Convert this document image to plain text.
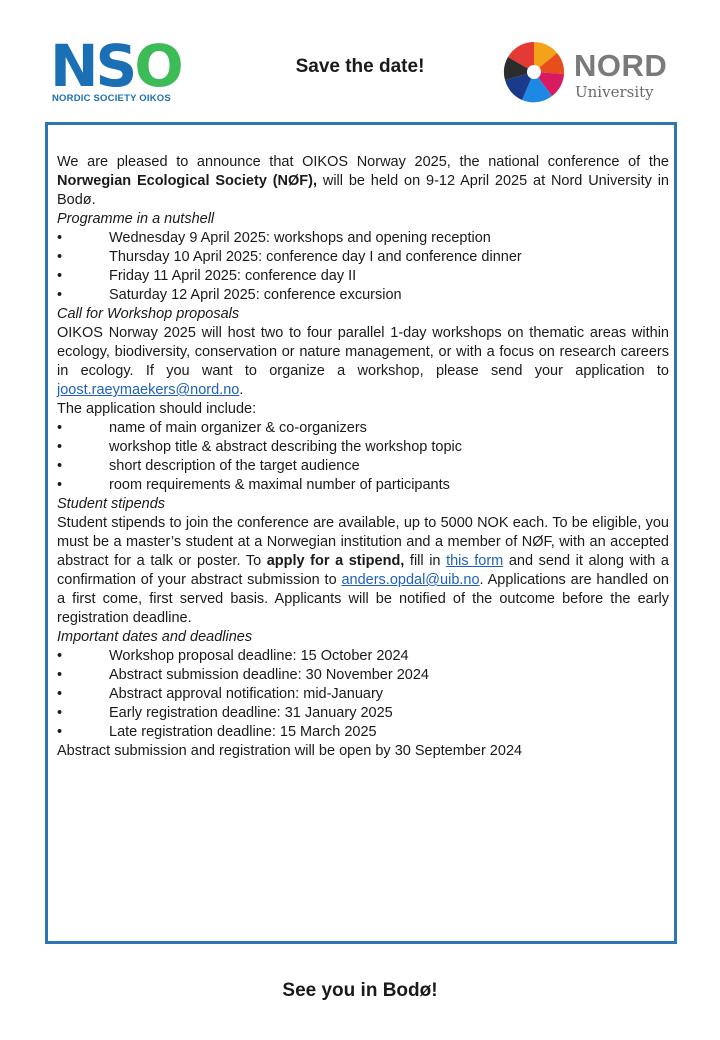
NSO
NORDIC SOCIETY OIKOS
Save the date!	NORD
University

We are pleased to announce that OIKOS Norway 2025, the national conference of the Norwegian Ecological Society (NØF), will be held on 9-12 April 2025 at Nord University in Bodø.

Programme in a nutshell

•	Wednesday 9 April 2025: workshops and opening reception
•	Thursday 10 April 2025: conference day I and conference dinner
•	Friday 11 April 2025: conference day II
•	Saturday 12 April 2025: conference excursion

Call for Workshop proposals

OIKOS Norway 2025 will host two to four parallel 1-day workshops on thematic areas within ecology, biodiversity, conservation or nature management, or with a focus on research careers in ecology. If you want to organize a workshop, please send your application to joost.raeymaekers@nord.no.

The application should include:

•	name of main organizer & co-organizers
•	workshop title & abstract describing the workshop topic
•	short description of the target audience
•	room requirements & maximal number of participants

Student stipends

Student stipends to join the conference are available, up to 5000 NOK each. To be eligible, you must be a master’s student at a Norwegian institution and a member of NØF, with an accepted abstract for a talk or poster. To apply for a stipend, fill in this form and send it along with a confirmation of your abstract submission to anders.opdal@uib.no. Applications are handled on a first come, first served basis. Applicants will be notified of the outcome before the early registration deadline.

Important dates and deadlines

•	Workshop proposal deadline: 15 October 2024
•	Abstract submission deadline: 30 November 2024
•	Abstract approval notification: mid-January
•	Early registration deadline: 31 January 2025
•	Late registration deadline: 15 March 2025

Abstract submission and registration will be open by 30 September 2024

See you in Bodø!
